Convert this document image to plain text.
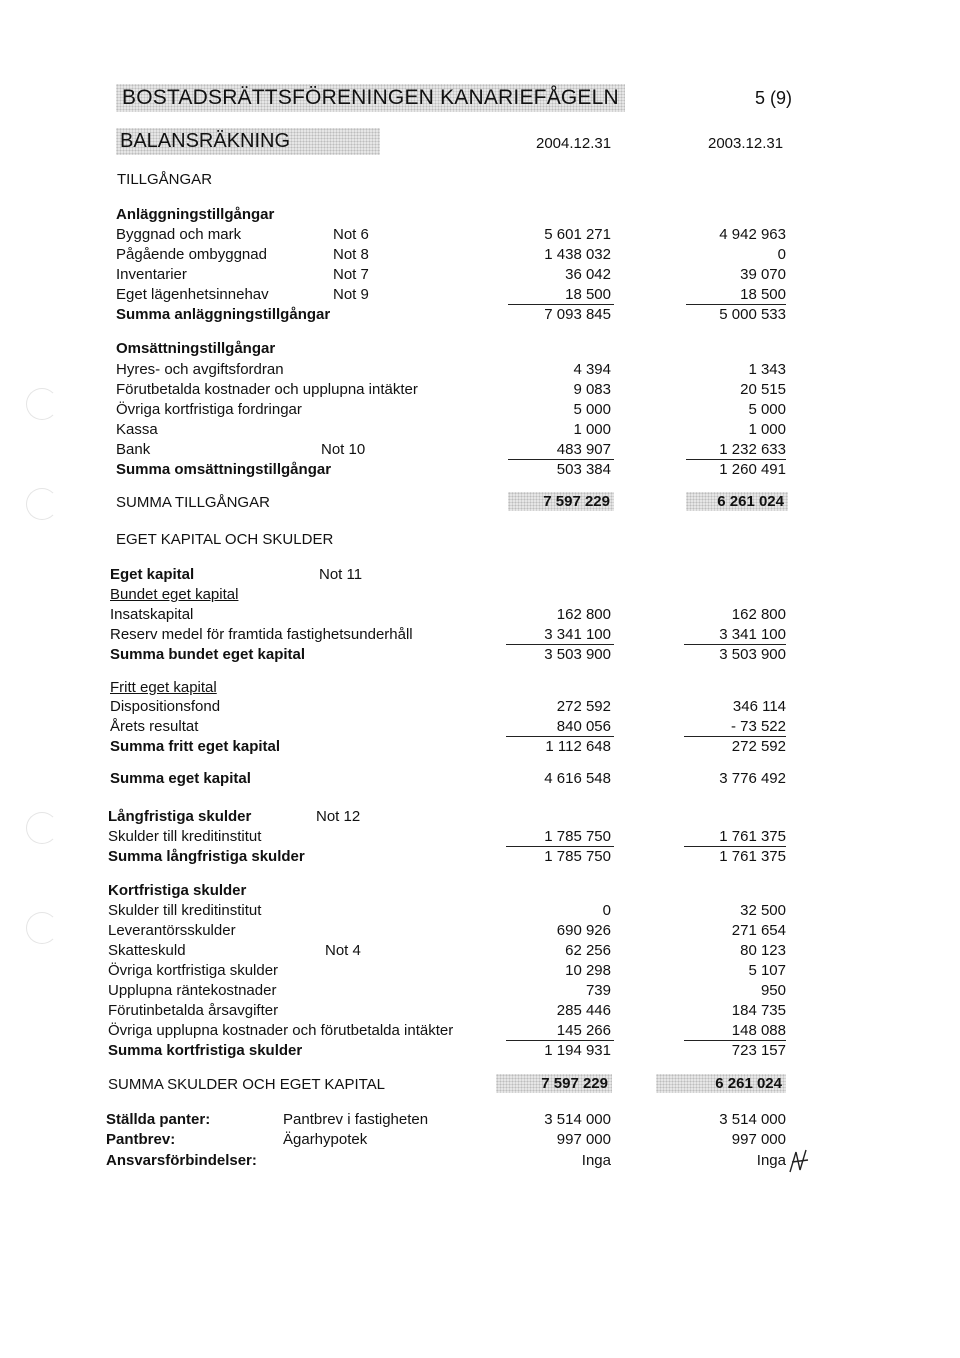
BOSTADSRÄTTSFÖRENINGEN KANARIEFÅGELN	5 (9)
BALANSRÄKNING	2004.12.31	2003.12.31
TILLGÅNGAR
Anläggningstillgångar
Byggnad och mark	Not 6	5 601 271	4 942 963
Pågående ombyggnad	Not 8	1 438 032	0
Inventarier	Not 7	36 042	39 070
Eget lägenhetsinnehav	Not 9	18 500	18 500
Summa anläggningstillgångar	7 093 845	5 000 533
Omsättningstillgångar
Hyres- och avgiftsfordran	4 394	1 343
Förutbetalda kostnader och upplupna intäkter	9 083	20 515
Övriga kortfristiga fordringar	5 000	5 000
Kassa	1 000	1 000
Bank	Not 10	483 907	1 232 633
Summa omsättningstillgångar	503 384	1 260 491
SUMMA TILLGÅNGAR	7 597 229	6 261 024
EGET KAPITAL OCH SKULDER
Eget kapital	Not 11
Bundet eget kapital
Insatskapital	162 800	162 800
Reserv medel för framtida fastighetsunderhåll	3 341 100	3 341 100
Summa bundet eget kapital	3 503 900	3 503 900
Fritt eget kapital
Dispositionsfond	272 592	346 114
Årets resultat	840 056	- 73 522
Summa fritt eget kapital	1 112 648	272 592
Summa eget kapital	4 616 548	3 776 492
Långfristiga skulder	Not 12
Skulder till kreditinstitut	1 785 750	1 761 375
Summa långfristiga skulder	1 785 750	1 761 375
Kortfristiga skulder
Skulder till kreditinstitut	0	32 500
Leverantörsskulder	690 926	271 654
Skatteskuld	Not 4	62 256	80 123
Övriga kortfristiga skulder	10 298	5 107
Upplupna räntekostnader	739	950
Förutinbetalda årsavgifter	285 446	184 735
Övriga upplupna kostnader och förutbetalda intäkter	145 266	148 088
Summa kortfristiga skulder	1 194 931	723 157
SUMMA SKULDER OCH EGET KAPITAL	7 597 229	6 261 024
Ställda panter:	Pantbrev i fastigheten	3 514 000	3 514 000
Pantbrev:	Ägarhypotek	997 000	997 000
Ansvarsförbindelser:	Inga	Inga
